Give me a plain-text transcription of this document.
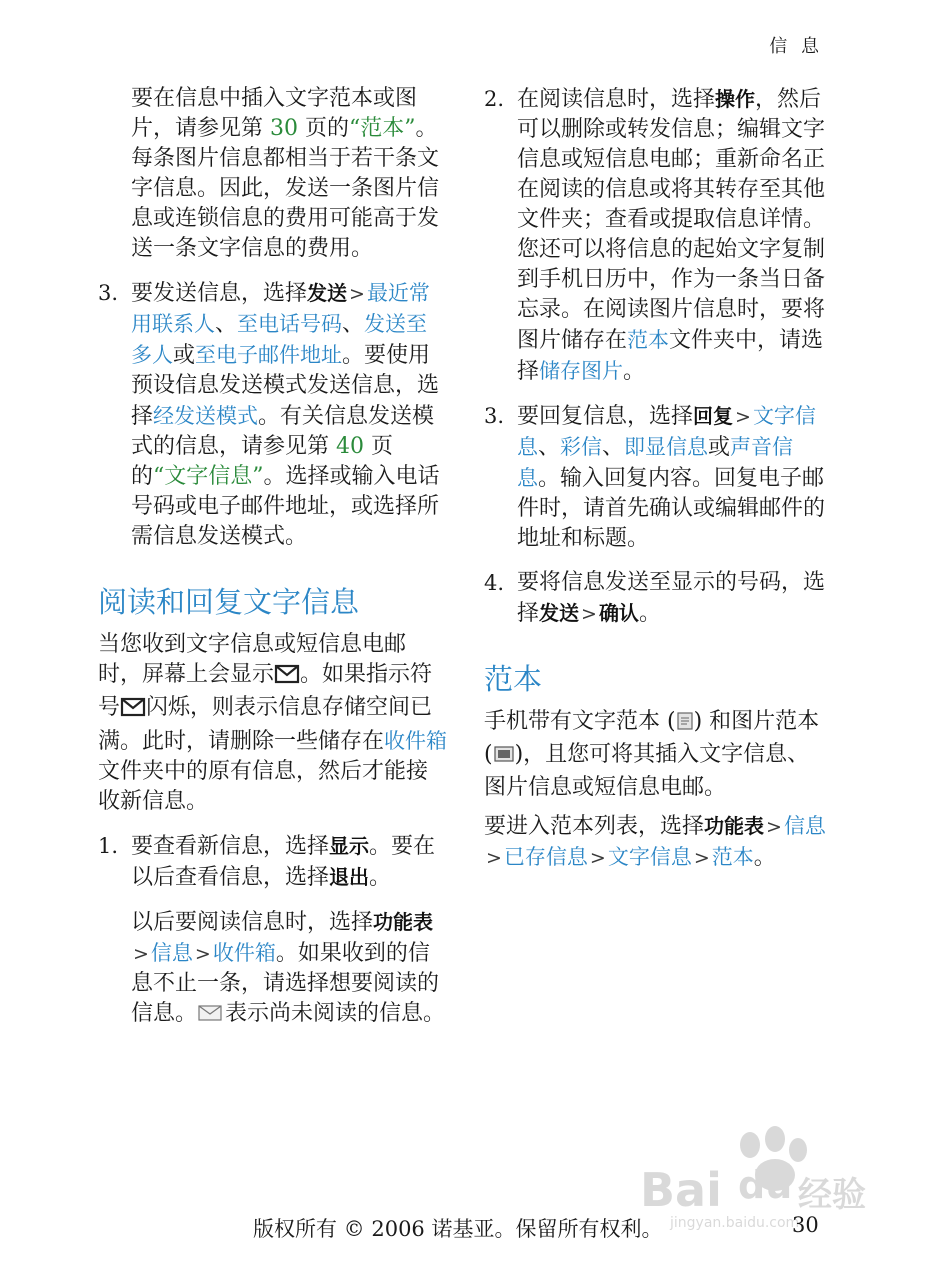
信 息

要在信息中插入文字范本或图片，请参见第 30 页的“范本”。每条图片信息都相当于若干条文字信息。因此，发送一条图片信息或连锁信息的费用可能高于发送一条文字信息的费用。

3. 要发送信息，选择发送 >最近常用联系人、至电话号码、发送至多人或至电子邮件地址。要使用预设信息发送模式发送信息，选择经发送模式。有关信息发送模式的信息，请参见第 40 页的“文字信息”。选择或输入电话号码或电子邮件地址，或选择所需信息发送模式。

阅读和回复文字信息

当您收到文字信息或短信息电邮时，屏幕上会显示 。如果指示符号 闪烁，则表示信息存储空间已满。此时，请删除一些储存在收件箱文件夹中的原有信息，然后才能接收新信息。

1. 要查看新信息，选择显示。要在以后查看信息，选择退出。

以后要阅读信息时，选择功能表>信息 >收件箱。如果收到的信息不止一条，请选择想要阅读的信息。 表示尚未阅读的信息。

2. 在阅读信息时，选择操作，然后可以删除或转发信息；编辑文字信息或短信息电邮；重新命名正在阅读的信息或将其转存至其他文件夹；查看或提取信息详情。您还可以将信息的起始文字复制到手机日历中，作为一条当日备忘录。在阅读图片信息时，要将图片储存在范本文件夹中，请选择储存图片。

3. 要回复信息，选择回复 >文字信息、彩信、即显信息或声音信息。输入回复内容。回复电子邮件时，请首先确认或编辑邮件的地址和标题。

4. 要将信息发送至显示的号码，选择发送 > 确认。

范本

手机带有文字范本 ( ) 和图片范本 ( )，且您可将其插入文字信息、图片信息或短信息电邮。

要进入范本列表，选择功能表 >信息>已存信息 >文字信息 >范本。

Bai du 经验
jingyan.baidu.com
版权所有 © 2006 诺基亚。保留所有权利。	30
